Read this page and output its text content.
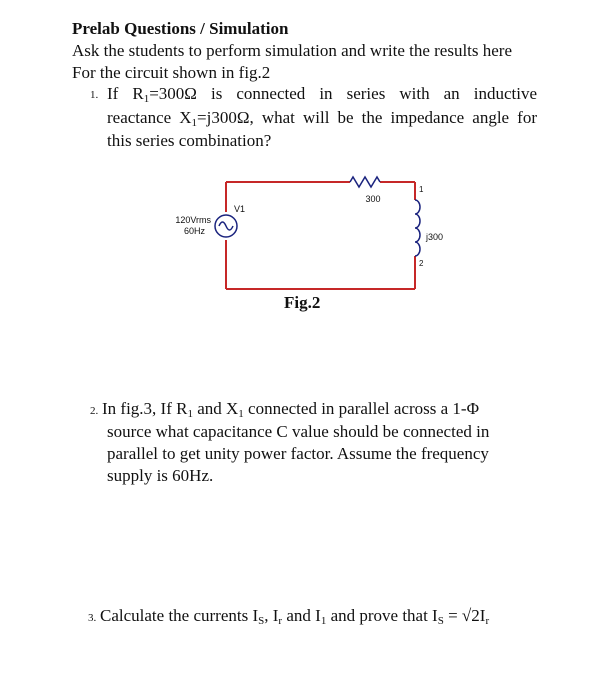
Prelab Questions / Simulation
Ask the students to perform simulation and write the results here
For the circuit shown in fig.2
1. If $R_1=300\Omega$ is connected in series with an inductive
reactance $X_1=j300\Omega$, what will be the impedance angle for
this series combination?
300
V1
120Vrms
60Hz
j300
1
2
Fig.2
2. In fig.3, If $R_1$ and $X_1$ connected in parallel across a 1-Φ
source what capacitance C value should be connected in
parallel to get unity power factor. Assume the frequency
supply is 60Hz.
3. Calculate the currents $I_S$, $I_r$ and $I_1$ and prove that $I_S = √2I_r$
